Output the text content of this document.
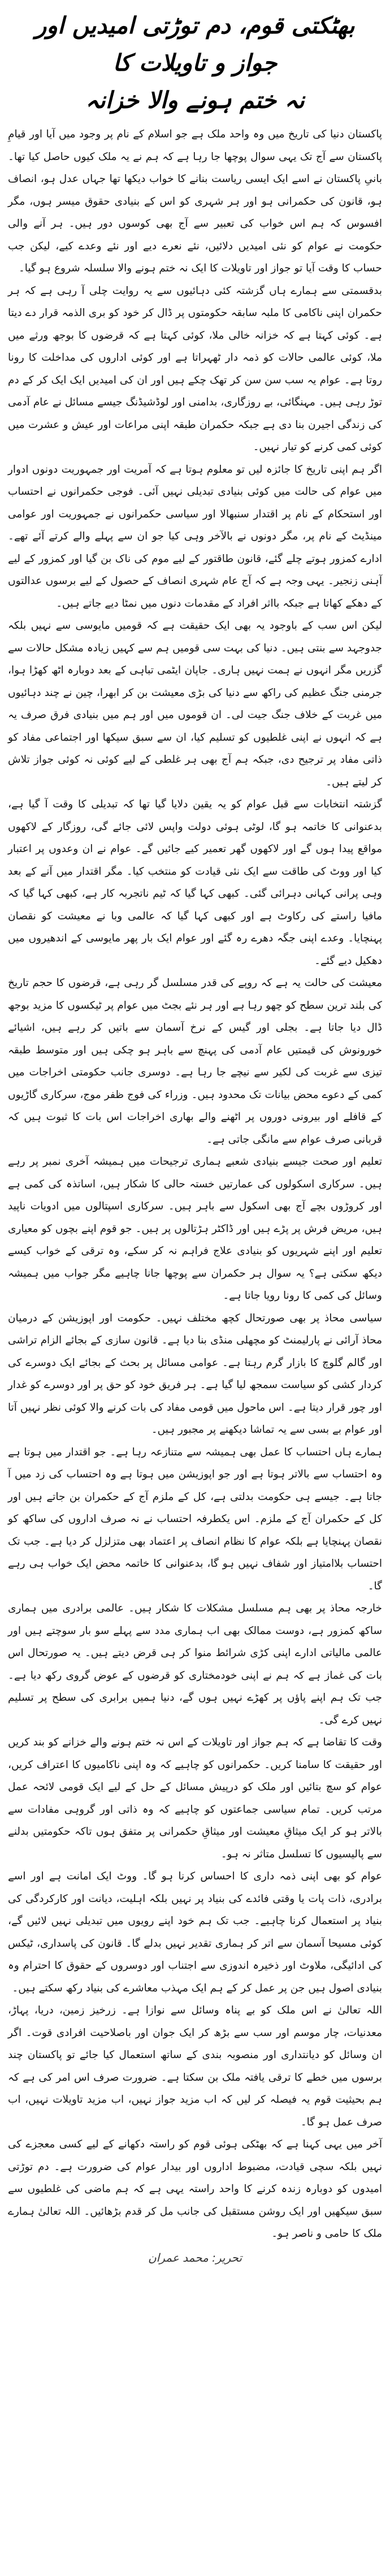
بھٹکتی قوم، دم توڑتی امیدیں اور جواز و تاویلات کا
نہ ختم ہونے والا خزانہ

پاکستان دنیا کی تاریخ میں وہ واحد ملک ہے جو اسلام کے نام پر وجود میں آیا اور قیامِ پاکستان سے آج تک یہی سوال پوچھا جا رہا ہے کہ ہم نے یہ ملک کیوں حاصل کیا تھا۔ بانیِ پاکستان نے اسے ایک ایسی ریاست بنانے کا خواب دیکھا تھا جہاں عدل ہو، انصاف ہو، قانون کی حکمرانی ہو اور ہر شہری کو اس کے بنیادی حقوق میسر ہوں، مگر افسوس کہ ہم اس خواب کی تعبیر سے آج بھی کوسوں دور ہیں۔ ہر آنے والی حکومت نے عوام کو نئی امیدیں دلائیں، نئے نعرے دیے اور نئے وعدے کیے، لیکن جب حساب کا وقت آیا تو جواز اور تاویلات کا ایک نہ ختم ہونے والا سلسلہ شروع ہو گیا۔

بدقسمتی سے ہمارے ہاں گزشتہ کئی دہائیوں سے یہ روایت چلی آ رہی ہے کہ ہر حکمران اپنی ناکامی کا ملبہ سابقہ حکومتوں پر ڈال کر خود کو بری الذمہ قرار دے دیتا ہے۔ کوئی کہتا ہے کہ خزانہ خالی ملا، کوئی کہتا ہے کہ قرضوں کا بوجھ ورثے میں ملا، کوئی عالمی حالات کو ذمہ دار ٹھہراتا ہے اور کوئی اداروں کی مداخلت کا رونا روتا ہے۔ عوام یہ سب سن سن کر تھک چکے ہیں اور ان کی امیدیں ایک ایک کر کے دم توڑ رہی ہیں۔ مہنگائی، بے روزگاری، بدامنی اور لوڈشیڈنگ جیسے مسائل نے عام آدمی کی زندگی اجیرن بنا دی ہے جبکہ حکمران طبقہ اپنی مراعات اور عیش و عشرت میں کوئی کمی کرنے کو تیار نہیں۔

اگر ہم اپنی تاریخ کا جائزہ لیں تو معلوم ہوتا ہے کہ آمریت اور جمہوریت دونوں ادوار میں عوام کی حالت میں کوئی بنیادی تبدیلی نہیں آئی۔ فوجی حکمرانوں نے احتساب اور استحکام کے نام پر اقتدار سنبھالا اور سیاسی حکمرانوں نے جمہوریت اور عوامی مینڈیٹ کے نام پر، مگر دونوں نے بالآخر وہی کیا جو ان سے پہلے والے کرتے آئے تھے۔ ادارے کمزور ہوتے چلے گئے، قانون طاقتور کے لیے موم کی ناک بن گیا اور کمزور کے لیے آہنی زنجیر۔ یہی وجہ ہے کہ آج عام شہری انصاف کے حصول کے لیے برسوں عدالتوں کے دھکے کھاتا ہے جبکہ بااثر افراد کے مقدمات دنوں میں نمٹا دیے جاتے ہیں۔

لیکن اس سب کے باوجود یہ بھی ایک حقیقت ہے کہ قومیں مایوسی سے نہیں بلکہ جدوجہد سے بنتی ہیں۔ دنیا کی بہت سی قومیں ہم سے کہیں زیادہ مشکل حالات سے گزریں مگر انہوں نے ہمت نہیں ہاری۔ جاپان ایٹمی تباہی کے بعد دوبارہ اٹھ کھڑا ہوا، جرمنی جنگ عظیم کی راکھ سے دنیا کی بڑی معیشت بن کر ابھرا، چین نے چند دہائیوں میں غربت کے خلاف جنگ جیت لی۔ ان قوموں میں اور ہم میں بنیادی فرق صرف یہ ہے کہ انہوں نے اپنی غلطیوں کو تسلیم کیا، ان سے سبق سیکھا اور اجتماعی مفاد کو ذاتی مفاد پر ترجیح دی، جبکہ ہم آج بھی ہر غلطی کے لیے کوئی نہ کوئی جواز تلاش کر لیتے ہیں۔

گزشتہ انتخابات سے قبل عوام کو یہ یقین دلایا گیا تھا کہ تبدیلی کا وقت آ گیا ہے، بدعنوانی کا خاتمہ ہو گا، لوٹی ہوئی دولت واپس لائی جائے گی، روزگار کے لاکھوں مواقع پیدا ہوں گے اور لاکھوں گھر تعمیر کیے جائیں گے۔ عوام نے ان وعدوں پر اعتبار کیا اور ووٹ کی طاقت سے ایک نئی قیادت کو منتخب کیا۔ مگر اقتدار میں آنے کے بعد وہی پرانی کہانی دہرائی گئی۔ کبھی کہا گیا کہ ٹیم ناتجربہ کار ہے، کبھی کہا گیا کہ مافیا راستے کی رکاوٹ ہے اور کبھی کہا گیا کہ عالمی وبا نے معیشت کو نقصان پہنچایا۔ وعدے اپنی جگہ دھرے رہ گئے اور عوام ایک بار پھر مایوسی کے اندھیروں میں دھکیل دیے گئے۔

معیشت کی حالت یہ ہے کہ روپے کی قدر مسلسل گر رہی ہے، قرضوں کا حجم تاریخ کی بلند ترین سطح کو چھو رہا ہے اور ہر نئے بجٹ میں عوام پر ٹیکسوں کا مزید بوجھ ڈال دیا جاتا ہے۔ بجلی اور گیس کے نرخ آسمان سے باتیں کر رہے ہیں، اشیائے خورونوش کی قیمتیں عام آدمی کی پہنچ سے باہر ہو چکی ہیں اور متوسط طبقہ تیزی سے غربت کی لکیر سے نیچے جا رہا ہے۔ دوسری جانب حکومتی اخراجات میں کمی کے دعوے محض بیانات تک محدود ہیں۔ وزراء کی فوج ظفر موج، سرکاری گاڑیوں کے قافلے اور بیرونی دوروں پر اٹھنے والے بھاری اخراجات اس بات کا ثبوت ہیں کہ قربانی صرف عوام سے مانگی جاتی ہے۔

تعلیم اور صحت جیسے بنیادی شعبے ہماری ترجیحات میں ہمیشہ آخری نمبر پر رہے ہیں۔ سرکاری اسکولوں کی عمارتیں خستہ حالی کا شکار ہیں، اساتذہ کی کمی ہے اور کروڑوں بچے آج بھی اسکول سے باہر ہیں۔ سرکاری اسپتالوں میں ادویات ناپید ہیں، مریض فرش پر پڑے ہیں اور ڈاکٹر ہڑتالوں پر ہیں۔ جو قوم اپنے بچوں کو معیاری تعلیم اور اپنے شہریوں کو بنیادی علاج فراہم نہ کر سکے، وہ ترقی کے خواب کیسے دیکھ سکتی ہے؟ یہ سوال ہر حکمران سے پوچھا جانا چاہیے مگر جواب میں ہمیشہ وسائل کی کمی کا رونا رویا جاتا ہے۔

سیاسی محاذ پر بھی صورتحال کچھ مختلف نہیں۔ حکومت اور اپوزیشن کے درمیان محاذ آرائی نے پارلیمنٹ کو مچھلی منڈی بنا دیا ہے۔ قانون سازی کے بجائے الزام تراشی اور گالم گلوچ کا بازار گرم رہتا ہے۔ عوامی مسائل پر بحث کے بجائے ایک دوسرے کی کردار کشی کو سیاست سمجھ لیا گیا ہے۔ ہر فریق خود کو حق پر اور دوسرے کو غدار اور چور قرار دیتا ہے۔ اس ماحول میں قومی مفاد کی بات کرنے والا کوئی نظر نہیں آتا اور عوام بے بسی سے یہ تماشا دیکھنے پر مجبور ہیں۔

ہمارے ہاں احتساب کا عمل بھی ہمیشہ سے متنازعہ رہا ہے۔ جو اقتدار میں ہوتا ہے وہ احتساب سے بالاتر ہوتا ہے اور جو اپوزیشن میں ہوتا ہے وہ احتساب کی زد میں آ جاتا ہے۔ جیسے ہی حکومت بدلتی ہے، کل کے ملزم آج کے حکمران بن جاتے ہیں اور کل کے حکمران آج کے ملزم۔ اس یکطرفہ احتساب نے نہ صرف اداروں کی ساکھ کو نقصان پہنچایا ہے بلکہ عوام کا نظام انصاف پر اعتماد بھی متزلزل کر دیا ہے۔ جب تک احتساب بلاامتیاز اور شفاف نہیں ہو گا، بدعنوانی کا خاتمہ محض ایک خواب ہی رہے گا۔

خارجہ محاذ پر بھی ہم مسلسل مشکلات کا شکار ہیں۔ عالمی برادری میں ہماری ساکھ کمزور ہے، دوست ممالک بھی اب ہماری مدد سے پہلے سو بار سوچتے ہیں اور عالمی مالیاتی ادارے اپنی کڑی شرائط منوا کر ہی قرض دیتے ہیں۔ یہ صورتحال اس بات کی غماز ہے کہ ہم نے اپنی خودمختاری کو قرضوں کے عوض گروی رکھ دیا ہے۔ جب تک ہم اپنے پاؤں پر کھڑے نہیں ہوں گے، دنیا ہمیں برابری کی سطح پر تسلیم نہیں کرے گی۔

وقت کا تقاضا ہے کہ ہم جواز اور تاویلات کے اس نہ ختم ہونے والے خزانے کو بند کریں اور حقیقت کا سامنا کریں۔ حکمرانوں کو چاہیے کہ وہ اپنی ناکامیوں کا اعتراف کریں، عوام کو سچ بتائیں اور ملک کو درپیش مسائل کے حل کے لیے ایک قومی لائحہ عمل مرتب کریں۔ تمام سیاسی جماعتوں کو چاہیے کہ وہ ذاتی اور گروہی مفادات سے بالاتر ہو کر ایک میثاقِ معیشت اور میثاقِ حکمرانی پر متفق ہوں تاکہ حکومتیں بدلنے سے پالیسیوں کا تسلسل متاثر نہ ہو۔

عوام کو بھی اپنی ذمہ داری کا احساس کرنا ہو گا۔ ووٹ ایک امانت ہے اور اسے برادری، ذات پات یا وقتی فائدے کی بنیاد پر نہیں بلکہ اہلیت، دیانت اور کارکردگی کی بنیاد پر استعمال کرنا چاہیے۔ جب تک ہم خود اپنے رویوں میں تبدیلی نہیں لائیں گے، کوئی مسیحا آسمان سے اتر کر ہماری تقدیر نہیں بدلے گا۔ قانون کی پاسداری، ٹیکس کی ادائیگی، ملاوٹ اور ذخیرہ اندوزی سے اجتناب اور دوسروں کے حقوق کا احترام وہ بنیادی اصول ہیں جن پر عمل کر کے ہم ایک مہذب معاشرے کی بنیاد رکھ سکتے ہیں۔

اللہ تعالیٰ نے اس ملک کو بے پناہ وسائل سے نوازا ہے۔ زرخیز زمین، دریا، پہاڑ، معدنیات، چار موسم اور سب سے بڑھ کر ایک جوان اور باصلاحیت افرادی قوت۔ اگر ان وسائل کو دیانتداری اور منصوبہ بندی کے ساتھ استعمال کیا جائے تو پاکستان چند برسوں میں خطے کا ترقی یافتہ ملک بن سکتا ہے۔ ضرورت صرف اس امر کی ہے کہ ہم بحیثیت قوم یہ فیصلہ کر لیں کہ اب مزید جواز نہیں، اب مزید تاویلات نہیں، اب صرف عمل ہو گا۔

آخر میں یہی کہنا ہے کہ بھٹکی ہوئی قوم کو راستہ دکھانے کے لیے کسی معجزے کی نہیں بلکہ سچی قیادت، مضبوط اداروں اور بیدار عوام کی ضرورت ہے۔ دم توڑتی امیدوں کو دوبارہ زندہ کرنے کا واحد راستہ یہی ہے کہ ہم ماضی کی غلطیوں سے سبق سیکھیں اور ایک روشن مستقبل کی جانب مل کر قدم بڑھائیں۔ اللہ تعالیٰ ہمارے ملک کا حامی و ناصر ہو۔

تحریر: محمد عمران
